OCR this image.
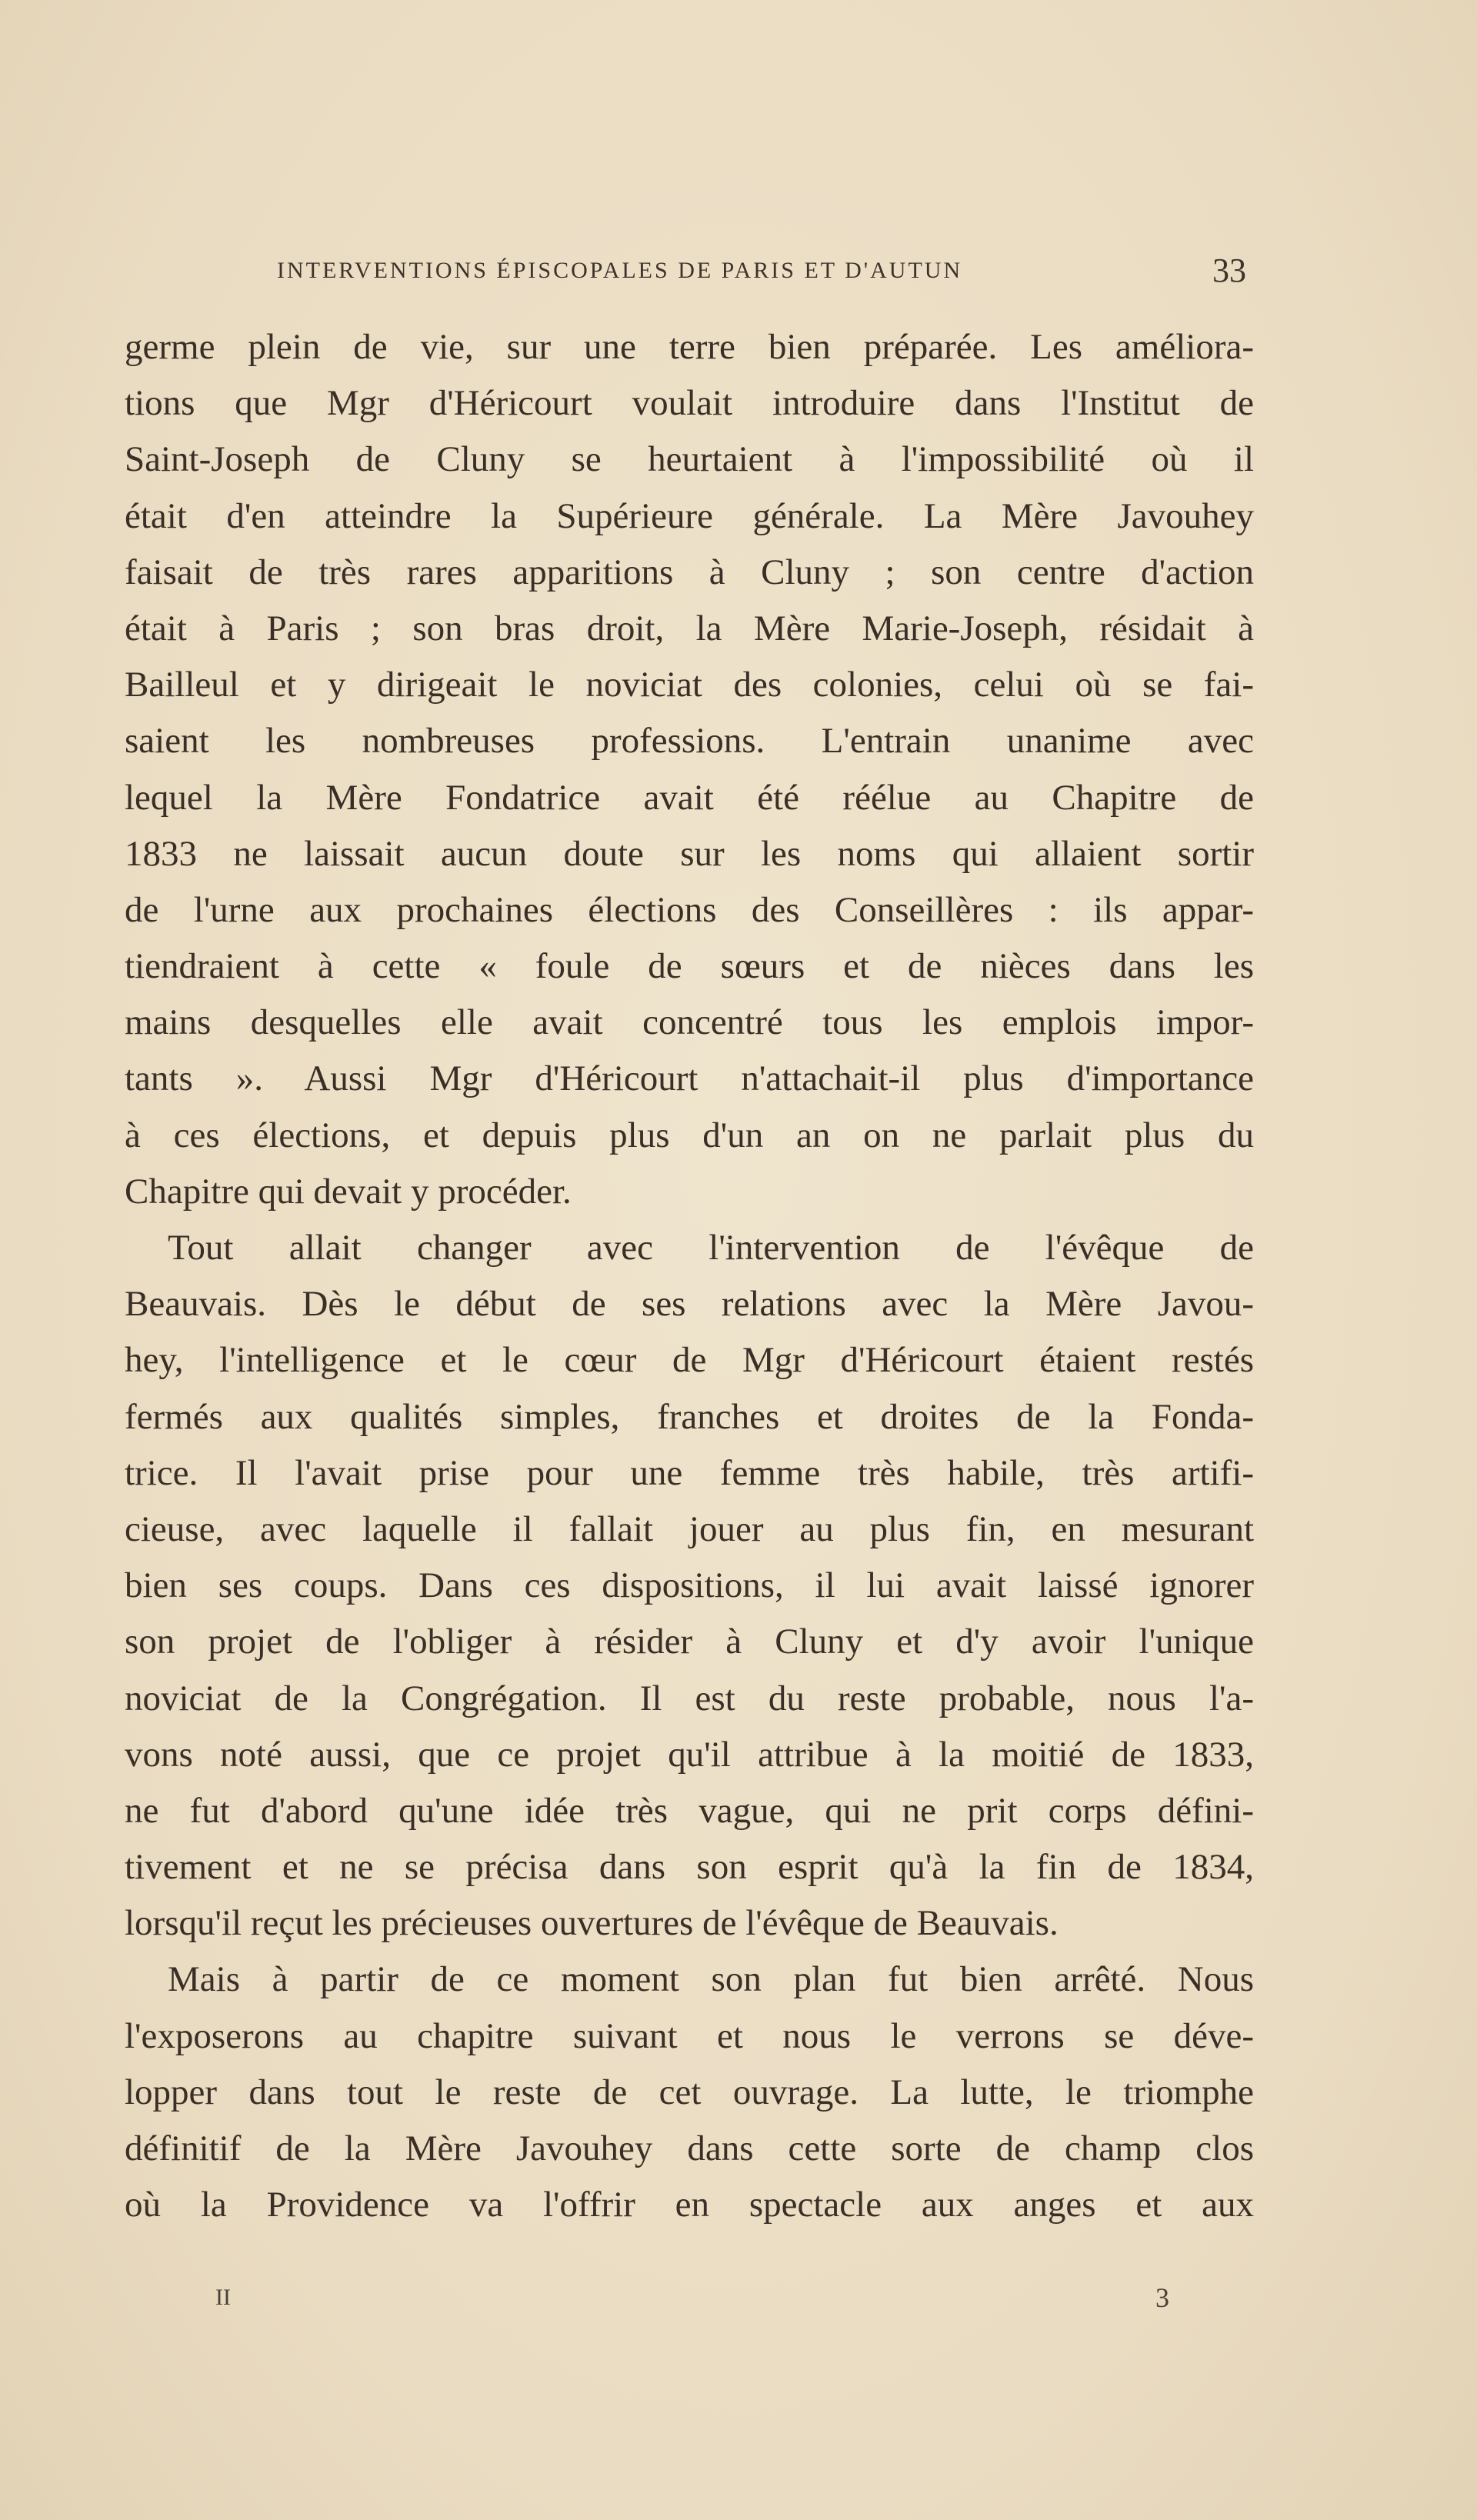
INTERVENTIONS ÉPISCOPALES DE PARIS ET D'AUTUN	33
germe plein de vie, sur une terre bien préparée. Les améliora-
tions que Mgr d'Héricourt voulait introduire dans l'Institut de
Saint-Joseph de Cluny se heurtaient à l'impossibilité où il
était d'en atteindre la Supérieure générale. La Mère Javouhey
faisait de très rares apparitions à Cluny ; son centre d'action
était à Paris ; son bras droit, la Mère Marie-Joseph, résidait à
Bailleul et y dirigeait le noviciat des colonies, celui où se fai-
saient les nombreuses professions. L'entrain unanime avec
lequel la Mère Fondatrice avait été réélue au Chapitre de
1833 ne laissait aucun doute sur les noms qui allaient sortir
de l'urne aux prochaines élections des Conseillères : ils appar-
tiendraient à cette « foule de sœurs et de nièces dans les
mains desquelles elle avait concentré tous les emplois impor-
tants ». Aussi Mgr d'Héricourt n'attachait-il plus d'importance
à ces élections, et depuis plus d'un an on ne parlait plus du
Chapitre qui devait y procéder.
Tout allait changer avec l'intervention de l'évêque de
Beauvais. Dès le début de ses relations avec la Mère Javou-
hey, l'intelligence et le cœur de Mgr d'Héricourt étaient restés
fermés aux qualités simples, franches et droites de la Fonda-
trice. Il l'avait prise pour une femme très habile, très artifi-
cieuse, avec laquelle il fallait jouer au plus fin, en mesurant
bien ses coups. Dans ces dispositions, il lui avait laissé ignorer
son projet de l'obliger à résider à Cluny et d'y avoir l'unique
noviciat de la Congrégation. Il est du reste probable, nous l'a-
vons noté aussi, que ce projet qu'il attribue à la moitié de 1833,
ne fut d'abord qu'une idée très vague, qui ne prit corps défini-
tivement et ne se précisa dans son esprit qu'à la fin de 1834,
lorsqu'il reçut les précieuses ouvertures de l'évêque de Beauvais.
Mais à partir de ce moment son plan fut bien arrêté. Nous
l'exposerons au chapitre suivant et nous le verrons se déve-
lopper dans tout le reste de cet ouvrage. La lutte, le triomphe
définitif de la Mère Javouhey dans cette sorte de champ clos
où la Providence va l'offrir en spectacle aux anges et aux
II	3
